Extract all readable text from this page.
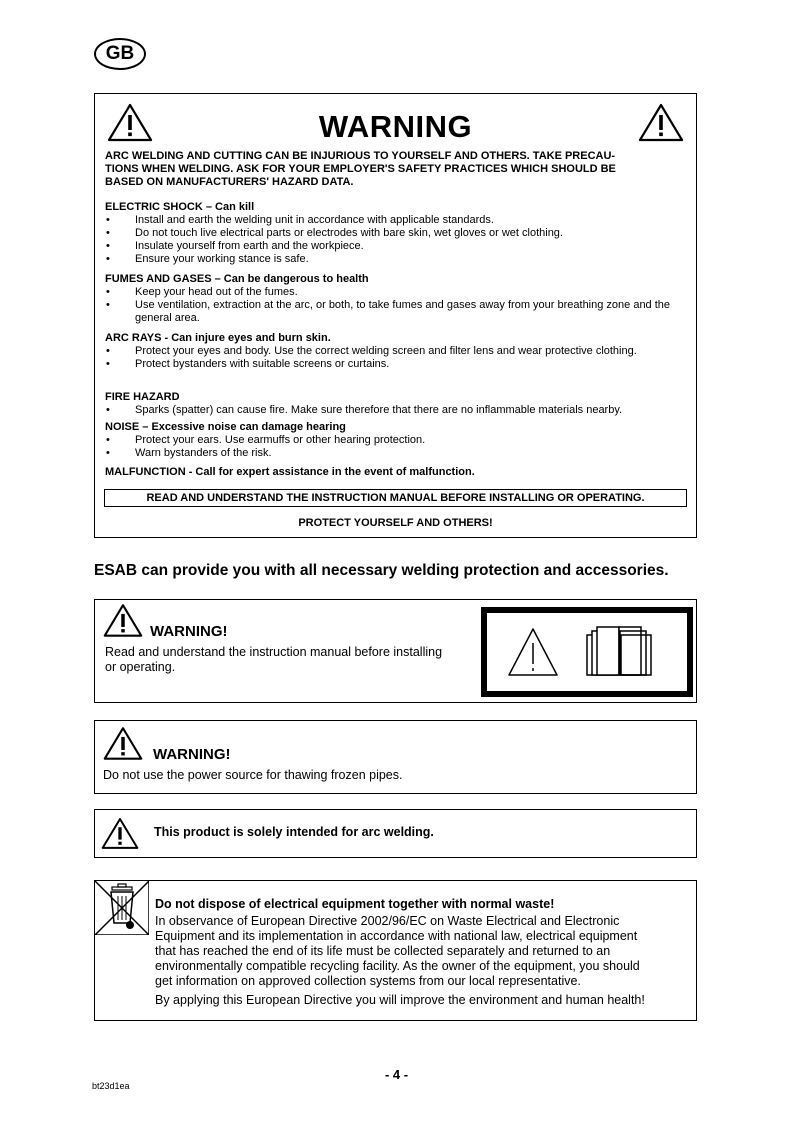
GB
WARNING
ARC WELDING AND CUTTING CAN BE INJURIOUS TO YOURSELF AND OTHERS. TAKE PRECAU-
TIONS WHEN WELDING. ASK FOR YOUR EMPLOYER'S SAFETY PRACTICES WHICH SHOULD BE
BASED ON MANUFACTURERS' HAZARD DATA.
ELECTRIC SHOCK – Can kill
• Install and earth the welding unit in accordance with applicable standards.
• Do not touch live electrical parts or electrodes with bare skin, wet gloves or wet clothing.
• Insulate yourself from earth and the workpiece.
• Ensure your working stance is safe.
FUMES AND GASES – Can be dangerous to health
• Keep your head out of the fumes.
• Use ventilation, extraction at the arc, or both, to take fumes and gases away from your breathing zone and the general area.
ARC RAYS - Can injure eyes and burn skin.
• Protect your eyes and body. Use the correct welding screen and filter lens and wear protective clothing.
• Protect bystanders with suitable screens or curtains.
FIRE HAZARD
• Sparks (spatter) can cause fire. Make sure therefore that there are no inflammable materials nearby.
NOISE – Excessive noise can damage hearing
• Protect your ears. Use earmuffs or other hearing protection.
• Warn bystanders of the risk.
MALFUNCTION - Call for expert assistance in the event of malfunction.
READ AND UNDERSTAND THE INSTRUCTION MANUAL BEFORE INSTALLING OR OPERATING.
PROTECT YOURSELF AND OTHERS!
ESAB can provide you with all necessary welding protection and accessories.
WARNING!
Read and understand the instruction manual before installing
or operating.
WARNING!
Do not use the power source for thawing frozen pipes.
This product is solely intended for arc welding.
Do not dispose of electrical equipment together with normal waste!
In observance of European Directive 2002/96/EC on Waste Electrical and Electronic
Equipment and its implementation in accordance with national law, electrical equipment
that has reached the end of its life must be collected separately and returned to an
environmentally compatible recycling facility. As the owner of the equipment, you should
get information on approved collection systems from our local representative.
By applying this European Directive you will improve the environment and human health!
- 4 -
bt23d1ea
